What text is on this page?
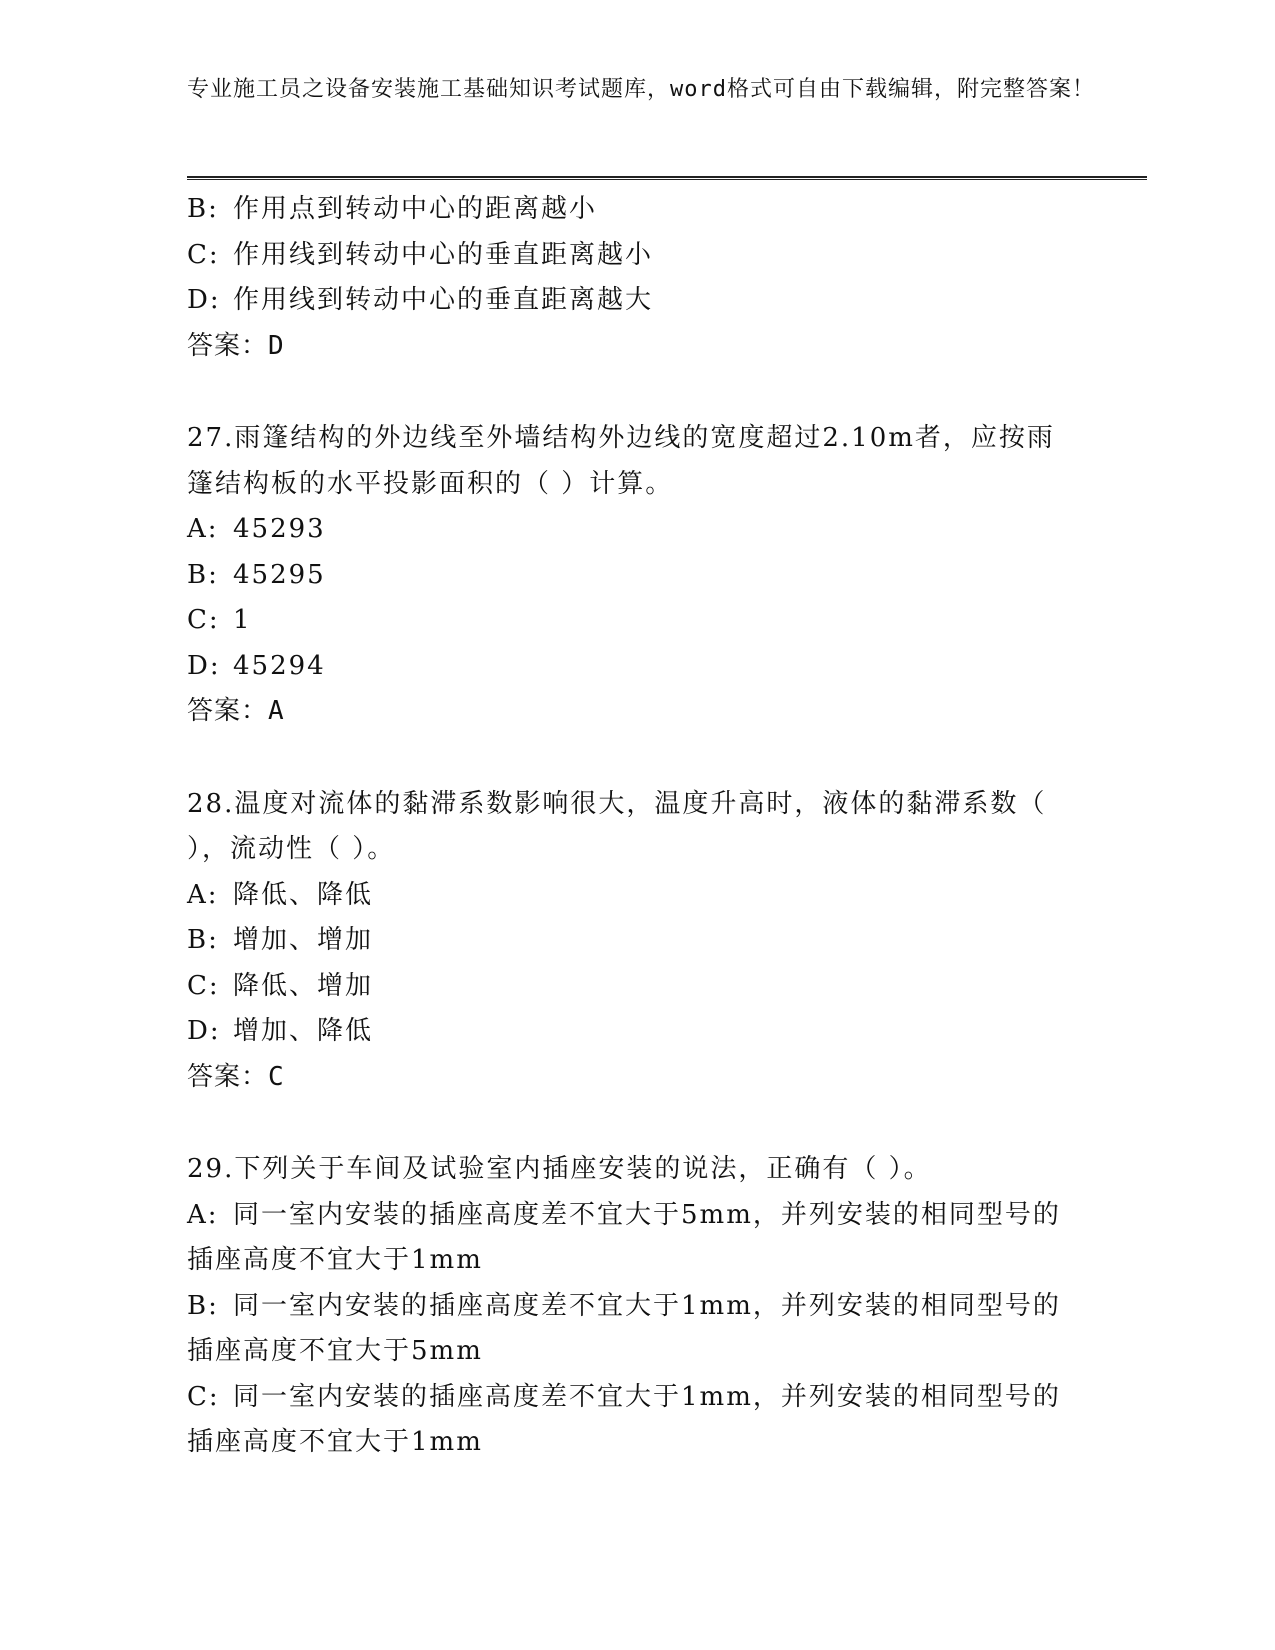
专业施工员之设备安装施工基础知识考试题库，word格式可自由下载编辑，附完整答案！
B: 作用点到转动中心的距离越小
C: 作用线到转动中心的垂直距离越小
D: 作用线到转动中心的垂直距离越大
答案：D
27.雨篷结构的外边线至外墙结构外边线的宽度超过2.10m者，应按雨
篷结构板的水平投影面积的（ ）计算。
A: 45293
B: 45295
C: 1
D: 45294
答案：A
28.温度对流体的黏滞系数影响很大，温度升高时，液体的黏滞系数（
），流动性（ ）。
A: 降低、降低
B: 增加、增加
C: 降低、增加
D: 增加、降低
答案：C
29.下列关于车间及试验室内插座安装的说法，正确有（ ）。
A: 同一室内安装的插座高度差不宜大于5mm，并列安装的相同型号的
插座高度不宜大于1mm
B: 同一室内安装的插座高度差不宜大于1mm，并列安装的相同型号的
插座高度不宜大于5mm
C: 同一室内安装的插座高度差不宜大于1mm，并列安装的相同型号的
插座高度不宜大于1mm
